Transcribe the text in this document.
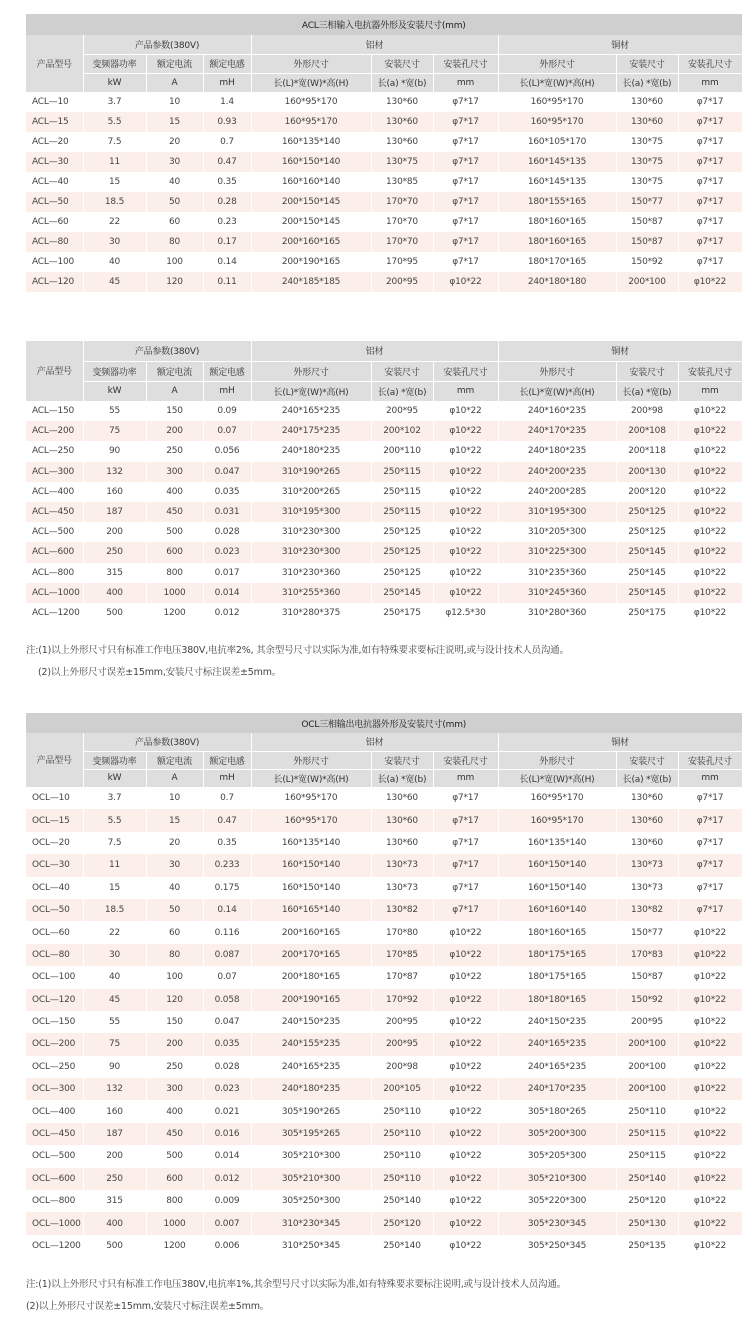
ACL三相输入电抗器外形及安装尺寸(mm)									
产品型号	产品参数(380V)			铝材			铜材		
	变频器功率	额定电流	额定电感	外形尺寸	安装尺寸	安装孔尺寸	外形尺寸	安装尺寸	安装孔尺寸
	kW	A	mH	长(L)*宽(W)*高(H)	长(a) *宽(b)	mm	长(L)*宽(W)*高(H)	长(a) *宽(b)	mm
ACL—10	3.7	10	1.4	160*95*170	130*60	φ7*17	160*95*170	130*60	φ7*17
ACL—15	5.5	15	0.93	160*95*170	130*60	φ7*17	160*95*170	130*60	φ7*17
ACL—20	7.5	20	0.7	160*135*140	130*60	φ7*17	160*105*170	130*75	φ7*17
ACL—30	11	30	0.47	160*150*140	130*75	φ7*17	160*145*135	130*75	φ7*17
ACL—40	15	40	0.35	160*160*140	130*85	φ7*17	160*145*135	130*75	φ7*17
ACL—50	18.5	50	0.28	200*150*145	170*70	φ7*17	180*155*165	150*77	φ7*17
ACL—60	22	60	0.23	200*150*145	170*70	φ7*17	180*160*165	150*87	φ7*17
ACL—80	30	80	0.17	200*160*165	170*70	φ7*17	180*160*165	150*87	φ7*17
ACL—100	40	100	0.14	200*190*165	170*95	φ7*17	180*170*165	150*92	φ7*17
ACL—120	45	120	0.11	240*185*185	200*95	φ10*22	240*180*180	200*100	φ10*22
产品型号	产品参数(380V)			铝材			铜材		
	变频器功率	额定电流	额定电感	外形尺寸	安装尺寸	安装孔尺寸	外形尺寸	安装尺寸	安装孔尺寸
	kW	A	mH	长(L)*宽(W)*高(H)	长(a) *宽(b)	mm	长(L)*宽(W)*高(H)	长(a) *宽(b)	mm
ACL—150	55	150	0.09	240*165*235	200*95	φ10*22	240*160*235	200*98	φ10*22
ACL—200	75	200	0.07	240*175*235	200*102	φ10*22	240*170*235	200*108	φ10*22
ACL—250	90	250	0.056	240*180*235	200*110	φ10*22	240*180*235	200*118	φ10*22
ACL—300	132	300	0.047	310*190*265	250*115	φ10*22	240*200*235	200*130	φ10*22
ACL—400	160	400	0.035	310*200*265	250*115	φ10*22	240*200*285	200*120	φ10*22
ACL—450	187	450	0.031	310*195*300	250*115	φ10*22	310*195*300	250*125	φ10*22
ACL—500	200	500	0.028	310*230*300	250*125	φ10*22	310*205*300	250*125	φ10*22
ACL—600	250	600	0.023	310*230*300	250*125	φ10*22	310*225*300	250*145	φ10*22
ACL—800	315	800	0.017	310*230*360	250*125	φ10*22	310*235*360	250*145	φ10*22
ACL—1000	400	1000	0.014	310*255*360	250*145	φ10*22	310*245*360	250*145	φ10*22
ACL—1200	500	1200	0.012	310*280*375	250*175	φ12.5*30	310*280*360	250*175	φ10*22
注:(1)以上外形尺寸只有标准工作电压380V,电抗率2%, 其余型号尺寸以实际为准,如有特殊要求要标注说明,或与设计技术人员沟通。
(2)以上外形尺寸误差±15mm,安装尺寸标注误差±5mm。
OCL三相输出电抗器外形及安装尺寸(mm)									
产品型号	产品参数(380V)			铝材			铜材		
	变频器功率	额定电流	额定电感	外形尺寸	安装尺寸	安装孔尺寸	外形尺寸	安装尺寸	安装孔尺寸
	kW	A	mH	长(L)*宽(W)*高(H)	长(a) *宽(b)	mm	长(L)*宽(W)*高(H)	长(a) *宽(b)	mm
OCL—10	3.7	10	0.7	160*95*170	130*60	φ7*17	160*95*170	130*60	φ7*17
OCL—15	5.5	15	0.47	160*95*170	130*60	φ7*17	160*95*170	130*60	φ7*17
OCL—20	7.5	20	0.35	160*135*140	130*60	φ7*17	160*135*140	130*60	φ7*17
OCL—30	11	30	0.233	160*150*140	130*73	φ7*17	160*150*140	130*73	φ7*17
OCL—40	15	40	0.175	160*150*140	130*73	φ7*17	160*150*140	130*73	φ7*17
OCL—50	18.5	50	0.14	160*165*140	130*82	φ7*17	160*160*140	130*82	φ7*17
OCL—60	22	60	0.116	200*160*165	170*80	φ10*22	180*160*165	150*77	φ10*22
OCL—80	30	80	0.087	200*170*165	170*85	φ10*22	180*175*165	170*83	φ10*22
OCL—100	40	100	0.07	200*180*165	170*87	φ10*22	180*175*165	150*87	φ10*22
OCL—120	45	120	0.058	200*190*165	170*92	φ10*22	180*180*165	150*92	φ10*22
OCL—150	55	150	0.047	240*150*235	200*95	φ10*22	240*150*235	200*95	φ10*22
OCL—200	75	200	0.035	240*155*235	200*95	φ10*22	240*165*235	200*100	φ10*22
OCL—250	90	250	0.028	240*165*235	200*98	φ10*22	240*165*235	200*100	φ10*22
OCL—300	132	300	0.023	240*180*235	200*105	φ10*22	240*170*235	200*100	φ10*22
OCL—400	160	400	0.021	305*190*265	250*110	φ10*22	305*180*265	250*110	φ10*22
OCL—450	187	450	0.016	305*195*265	250*110	φ10*22	305*200*300	250*115	φ10*22
OCL—500	200	500	0.014	305*210*300	250*110	φ10*22	305*205*300	250*115	φ10*22
OCL—600	250	600	0.012	305*210*300	250*110	φ10*22	305*210*300	250*140	φ10*22
OCL—800	315	800	0.009	305*250*300	250*140	φ10*22	305*220*300	250*120	φ10*22
OCL—1000	400	1000	0.007	310*230*345	250*120	φ10*22	305*230*345	250*130	φ10*22
OCL—1200	500	1200	0.006	310*250*345	250*140	φ10*22	305*250*345	250*135	φ10*22
注:(1)以上外形尺寸只有标准工作电压380V,电抗率1%,其余型号尺寸以实际为准,如有特殊要求要标注说明,或与设计技术人员沟通。
(2)以上外形尺寸误差±15mm,安装尺寸标注误差±5mm。
